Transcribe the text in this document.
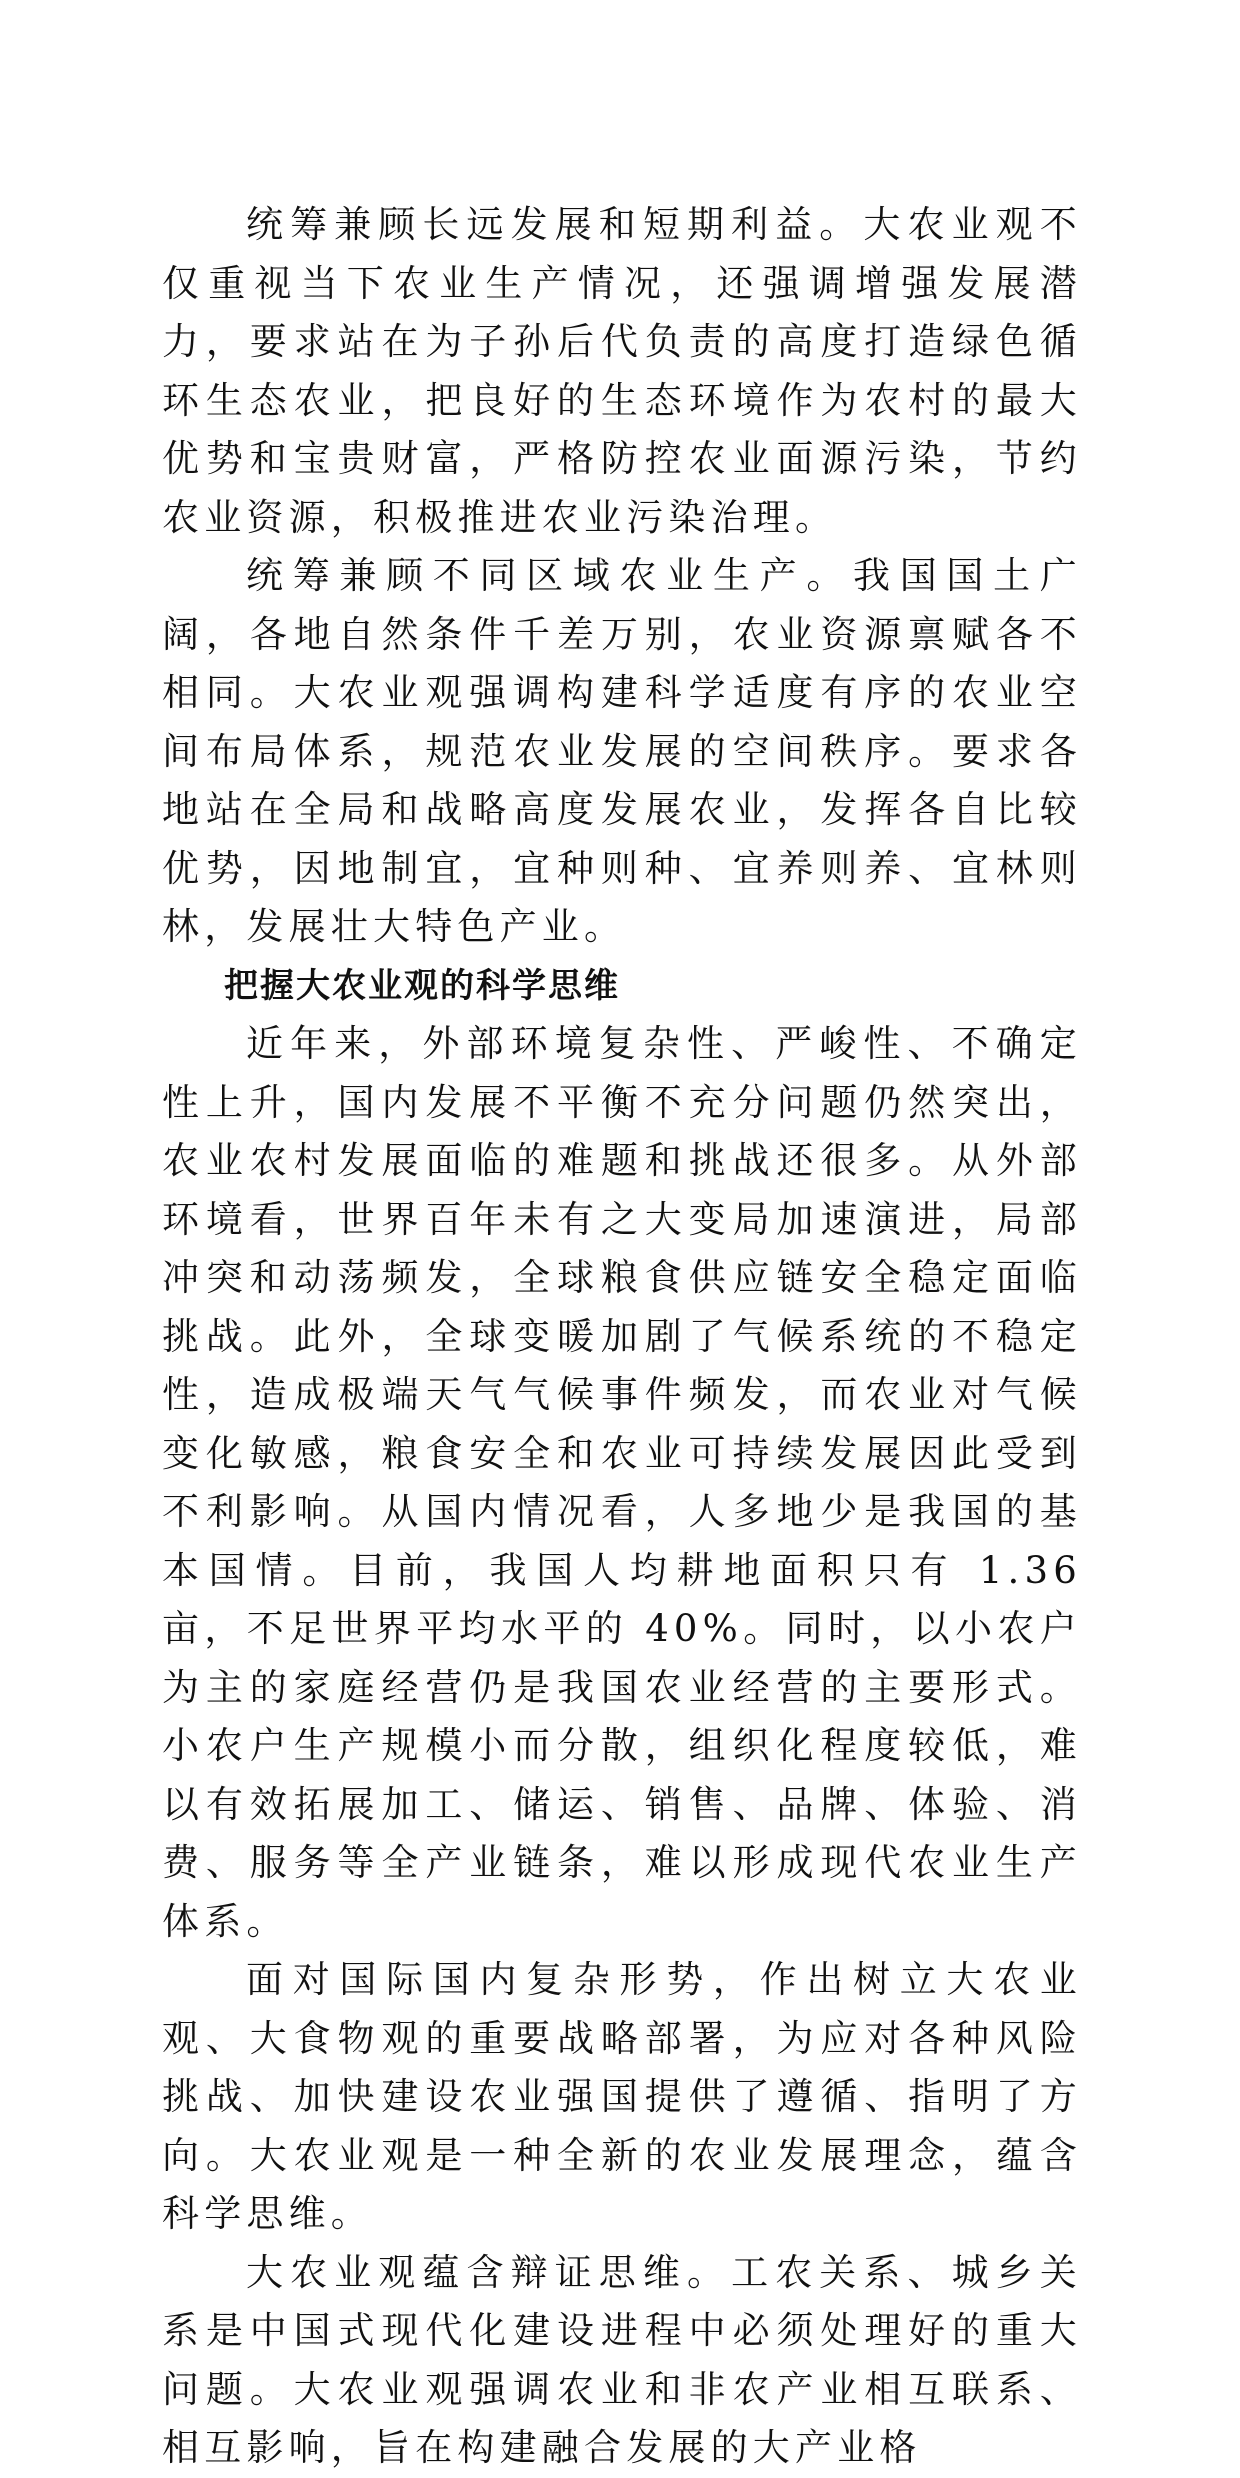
统筹兼顾长远发展和短期利益。大农业观不仅重视当下农业生产情况，还强调增强发展潜力，要求站在为子孙后代负责的高度打造绿色循环生态农业，把良好的生态环境作为农村的最大优势和宝贵财富，严格防控农业面源污染，节约农业资源，积极推进农业污染治理。

统筹兼顾不同区域农业生产。我国国土广阔，各地自然条件千差万别，农业资源禀赋各不相同。大农业观强调构建科学适度有序的农业空间布局体系，规范农业发展的空间秩序。要求各地站在全局和战略高度发展农业，发挥各自比较优势，因地制宜，宜种则种、宜养则养、宜林则林，发展壮大特色产业。

把握大农业观的科学思维

近年来，外部环境复杂性、严峻性、不确定性上升，国内发展不平衡不充分问题仍然突出，农业农村发展面临的难题和挑战还很多。从外部环境看，世界百年未有之大变局加速演进，局部冲突和动荡频发，全球粮食供应链安全稳定面临挑战。此外，全球变暖加剧了气候系统的不稳定性，造成极端天气气候事件频发，而农业对气候变化敏感，粮食安全和农业可持续发展因此受到不利影响。从国内情况看，人多地少是我国的基本国情。目前，我国人均耕地面积只有 1.36 亩，不足世界平均水平的 40%。同时，以小农户为主的家庭经营仍是我国农业经营的主要形式。小农户生产规模小而分散，组织化程度较低，难以有效拓展加工、储运、销售、品牌、体验、消费、服务等全产业链条，难以形成现代农业生产体系。

面对国际国内复杂形势，作出树立大农业观、大食物观的重要战略部署，为应对各种风险挑战、加快建设农业强国提供了遵循、指明了方向。大农业观是一种全新的农业发展理念，蕴含科学思维。

大农业观蕴含辩证思维。工农关系、城乡关系是中国式现代化建设进程中必须处理好的重大问题。大农业观强调农业和非农产业相互联系、相互影响，旨在构建融合发展的大产业格
